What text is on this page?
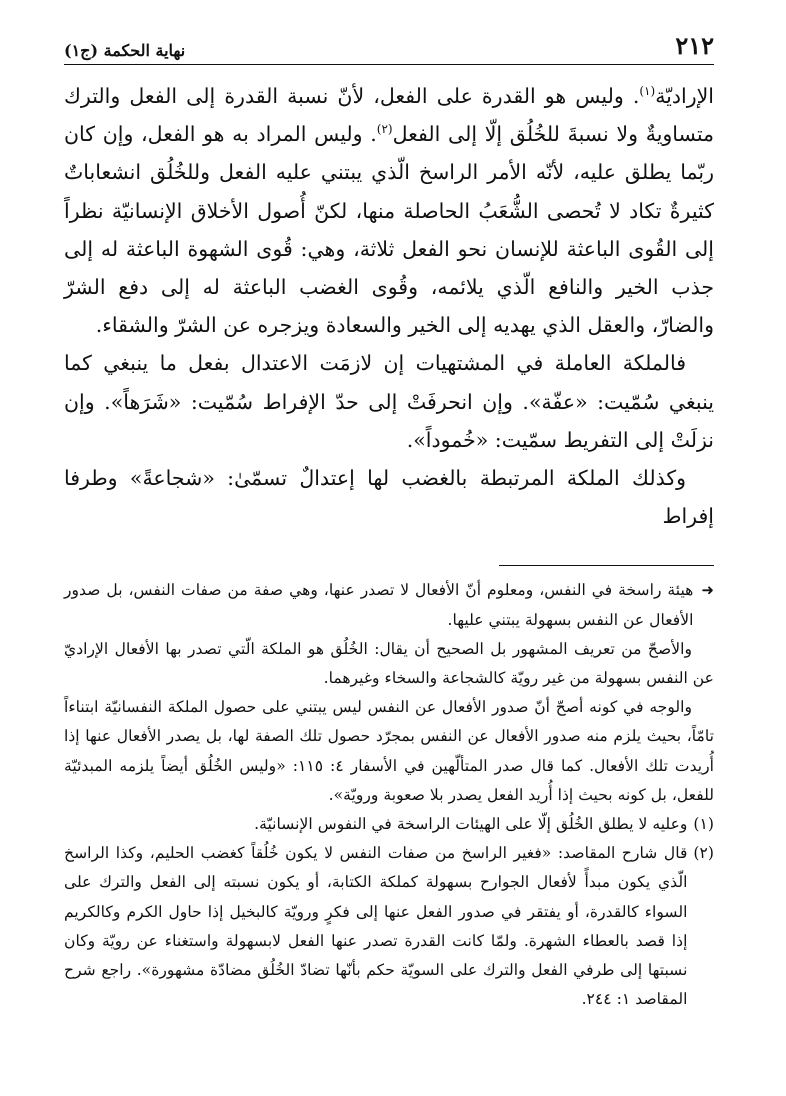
٢١٢
نهاية الحكمة (ج١)

الإراديّة$^{(١)}$. وليس هو القدرة على الفعل، لأنّ نسبة القدرة إلى الفعل والترك متساويةٌ ولا نسبةَ للخُلُق إلّا إلى الفعل$^{(٢)}$. وليس المراد به هو الفعل، وإن كان ربّما يطلق عليه، لأنّه الأمر الراسخ الّذي يبتني عليه الفعل وللخُلُق انشعاباتٌ كثيرةٌ تكاد لا تُحصى الشُّعَبُ الحاصلة منها، لكنّ أُصول الأخلاق الإنسانيّة نظراً إلى القُوى الباعثة للإنسان نحو الفعل ثلاثة، وهي: قُوى الشهوة الباعثة له إلى جذب الخير والنافع الّذي يلائمه، وقُوى الغضب الباعثة له إلى دفع الشرّ والضارّ، والعقل الذي يهديه إلى الخير والسعادة ويزجره عن الشرّ والشقاء.

فالملكة العاملة في المشتهيات إن لازمَت الاعتدال بفعل ما ينبغي كما ينبغي سُمّيت: «عفّة». وإن انحرفَتْ إلى حدّ الإفراط سُمّيت: «شَرَهاً». وإن نزلَتْ إلى التفريط سمّيت: «خُموداً».

وكذلك الملكة المرتبطة بالغضب لها إعتدالٌ تسمّىٰ: «شجاعةً» وطرفا إفراط

➜

هيئة راسخة في النفس، ومعلوم أنّ الأفعال لا تصدر عنها، وهي صفة من صفات النفس، بل صدور الأفعال عن النفس بسهولة يبتني عليها.

والأصحّ من تعريف المشهور بل الصحيح أن يقال: الخُلُق هو الملكة الّتي تصدر بها الأفعال الإراديّ عن النفس بسهولة من غير رويّة كالشجاعة والسخاء وغيرهما.

والوجه في كونه أصحّ أنّ صدور الأفعال عن النفس ليس يبتني على حصول الملكة النفسانيّة ابتناءاً تامّاً، بحيث يلزم منه صدور الأفعال عن النفس بمجرّد حصول تلك الصفة لها، بل يصدر الأفعال عنها إذا أُريدت تلك الأفعال. كما قال صدر المتألّهين في الأسفار ٤: ١١٥: «وليس الخُلُق أيضاً يلزمه المبدئيّة للفعل، بل كونه بحيث إذا أُريد الفعل يصدر بلا صعوبة ورويّة».

(١)

وعليه لا يطلق الخُلُق إلّا على الهيئات الراسخة في النفوس الإنسانيّة.

(٢)

قال شارح المقاصد: «فغير الراسخ من صفات النفس لا يكون خُلُقاً كغضب الحليم، وكذا الراسخ الّذي يكون مبدأً لأفعال الجوارح بسهولة كملكة الكتابة، أو يكون نسبته إلى الفعل والترك على السواء كالقدرة، أو يفتقر في صدور الفعل عنها إلى فكرٍ ورويّة كالبخيل إذا حاول الكرم وكالكريم إذا قصد بالعطاء الشهرة. ولمّا كانت القدرة تصدر عنها الفعل لابسهولة واستغناء عن رويّة وكان نسبتها إلى طرفي الفعل والترك على السويّة حكم بأنّها تضادّ الخُلُق مضادّة مشهورة». راجع شرح المقاصد ١: ٢٤٤.
